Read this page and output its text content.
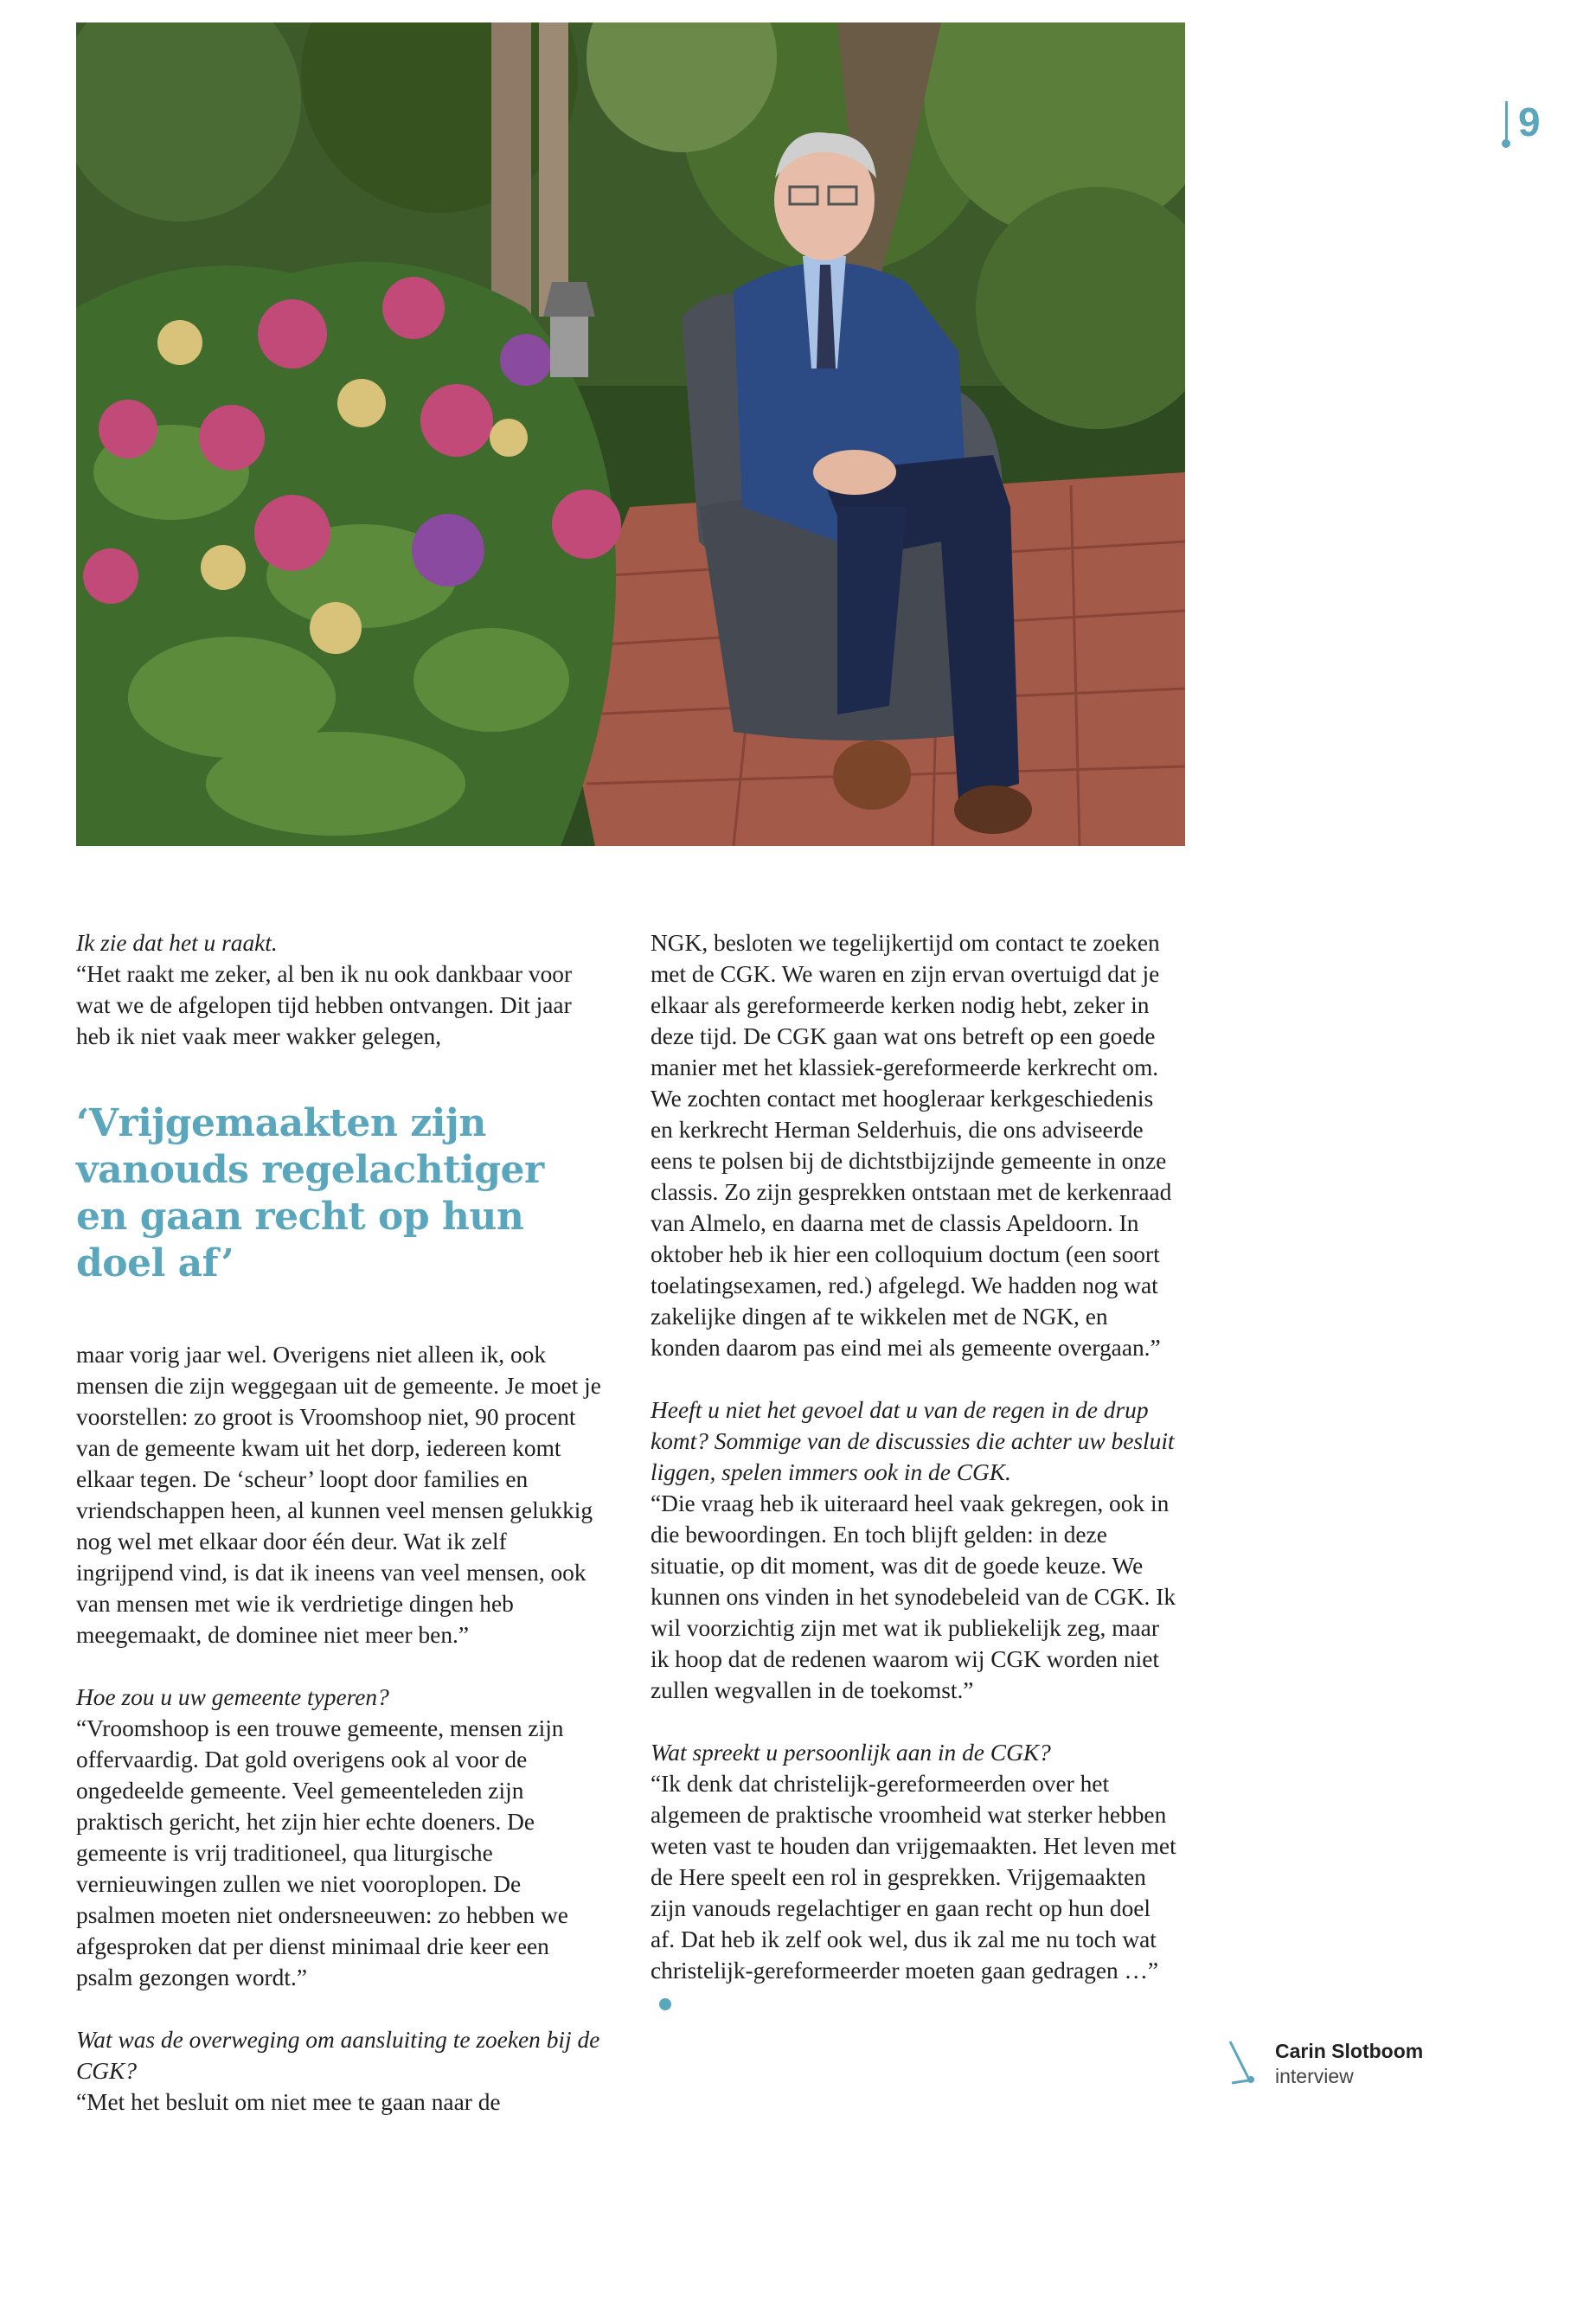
9

Ik zie dat het u raakt.

“Het raakt me zeker, al ben ik nu ook dankbaar voor wat we de afgelopen tijd hebben ontvangen. Dit jaar heb ik niet vaak meer wakker gelegen,

‘Vrijgemaakten zijn vanouds regelachtiger en gaan recht op hun doel af’

maar vorig jaar wel. Overigens niet alleen ik, ook mensen die zijn weggegaan uit de gemeente. Je moet je voorstellen: zo groot is Vroomshoop niet, 90 procent van de gemeente kwam uit het dorp, iedereen komt elkaar tegen. De ‘scheur’ loopt door families en vriendschappen heen, al kunnen veel mensen gelukkig nog wel met elkaar door één deur. Wat ik zelf ingrijpend vind, is dat ik ineens van veel mensen, ook van mensen met wie ik verdrietige dingen heb meegemaakt, de dominee niet meer ben.”

Hoe zou u uw gemeente typeren?

“Vroomshoop is een trouwe gemeente, mensen zijn offervaardig. Dat gold overigens ook al voor de ongedeelde gemeente. Veel gemeenteleden zijn praktisch gericht, het zijn hier echte doeners. De gemeente is vrij traditioneel, qua liturgische vernieuwingen zullen we niet vooroplopen. De psalmen moeten niet ondersneeuwen: zo hebben we afgesproken dat per dienst minimaal drie keer een psalm gezongen wordt.”

Wat was de overweging om aansluiting te zoeken bij de CGK?

“Met het besluit om niet mee te gaan naar de

NGK, besloten we tegelijkertijd om contact te zoeken met de CGK. We waren en zijn ervan overtuigd dat je elkaar als gereformeerde kerken nodig hebt, zeker in deze tijd. De CGK gaan wat ons betreft op een goede manier met het klassiek-gereformeerde kerkrecht om. We zochten contact met hoogleraar kerkgeschiedenis en kerkrecht Herman Selderhuis, die ons adviseerde eens te polsen bij de dichtstbijzijnde gemeente in onze classis. Zo zijn gesprekken ontstaan met de kerkenraad van Almelo, en daarna met de classis Apeldoorn. In oktober heb ik hier een colloquium doctum (een soort toelatingsexamen, red.) afgelegd. We hadden nog wat zakelijke dingen af te wikkelen met de NGK, en konden daarom pas eind mei als gemeente overgaan.”

Heeft u niet het gevoel dat u van de regen in de drup komt? Sommige van de discussies die achter uw besluit liggen, spelen immers ook in de CGK.

“Die vraag heb ik uiteraard heel vaak gekregen, ook in die bewoordingen. En toch blijft gelden: in deze situatie, op dit moment, was dit de goede keuze. We kunnen ons vinden in het synodebeleid van de CGK. Ik wil voorzichtig zijn met wat ik publiekelijk zeg, maar ik hoop dat de redenen waarom wij CGK worden niet zullen wegvallen in de toekomst.”

Wat spreekt u persoonlijk aan in de CGK?

“Ik denk dat christelijk-gereformeerden over het algemeen de praktische vroomheid wat sterker hebben weten vast te houden dan vrijgemaakten. Het leven met de Here speelt een rol in gesprekken. Vrijgemaakten zijn vanouds regelachtiger en gaan recht op hun doel af. Dat heb ik zelf ook wel, dus ik zal me nu toch wat christelijk-gereformeerder moeten gaan gedragen …”

Carin Slotboom
interview
